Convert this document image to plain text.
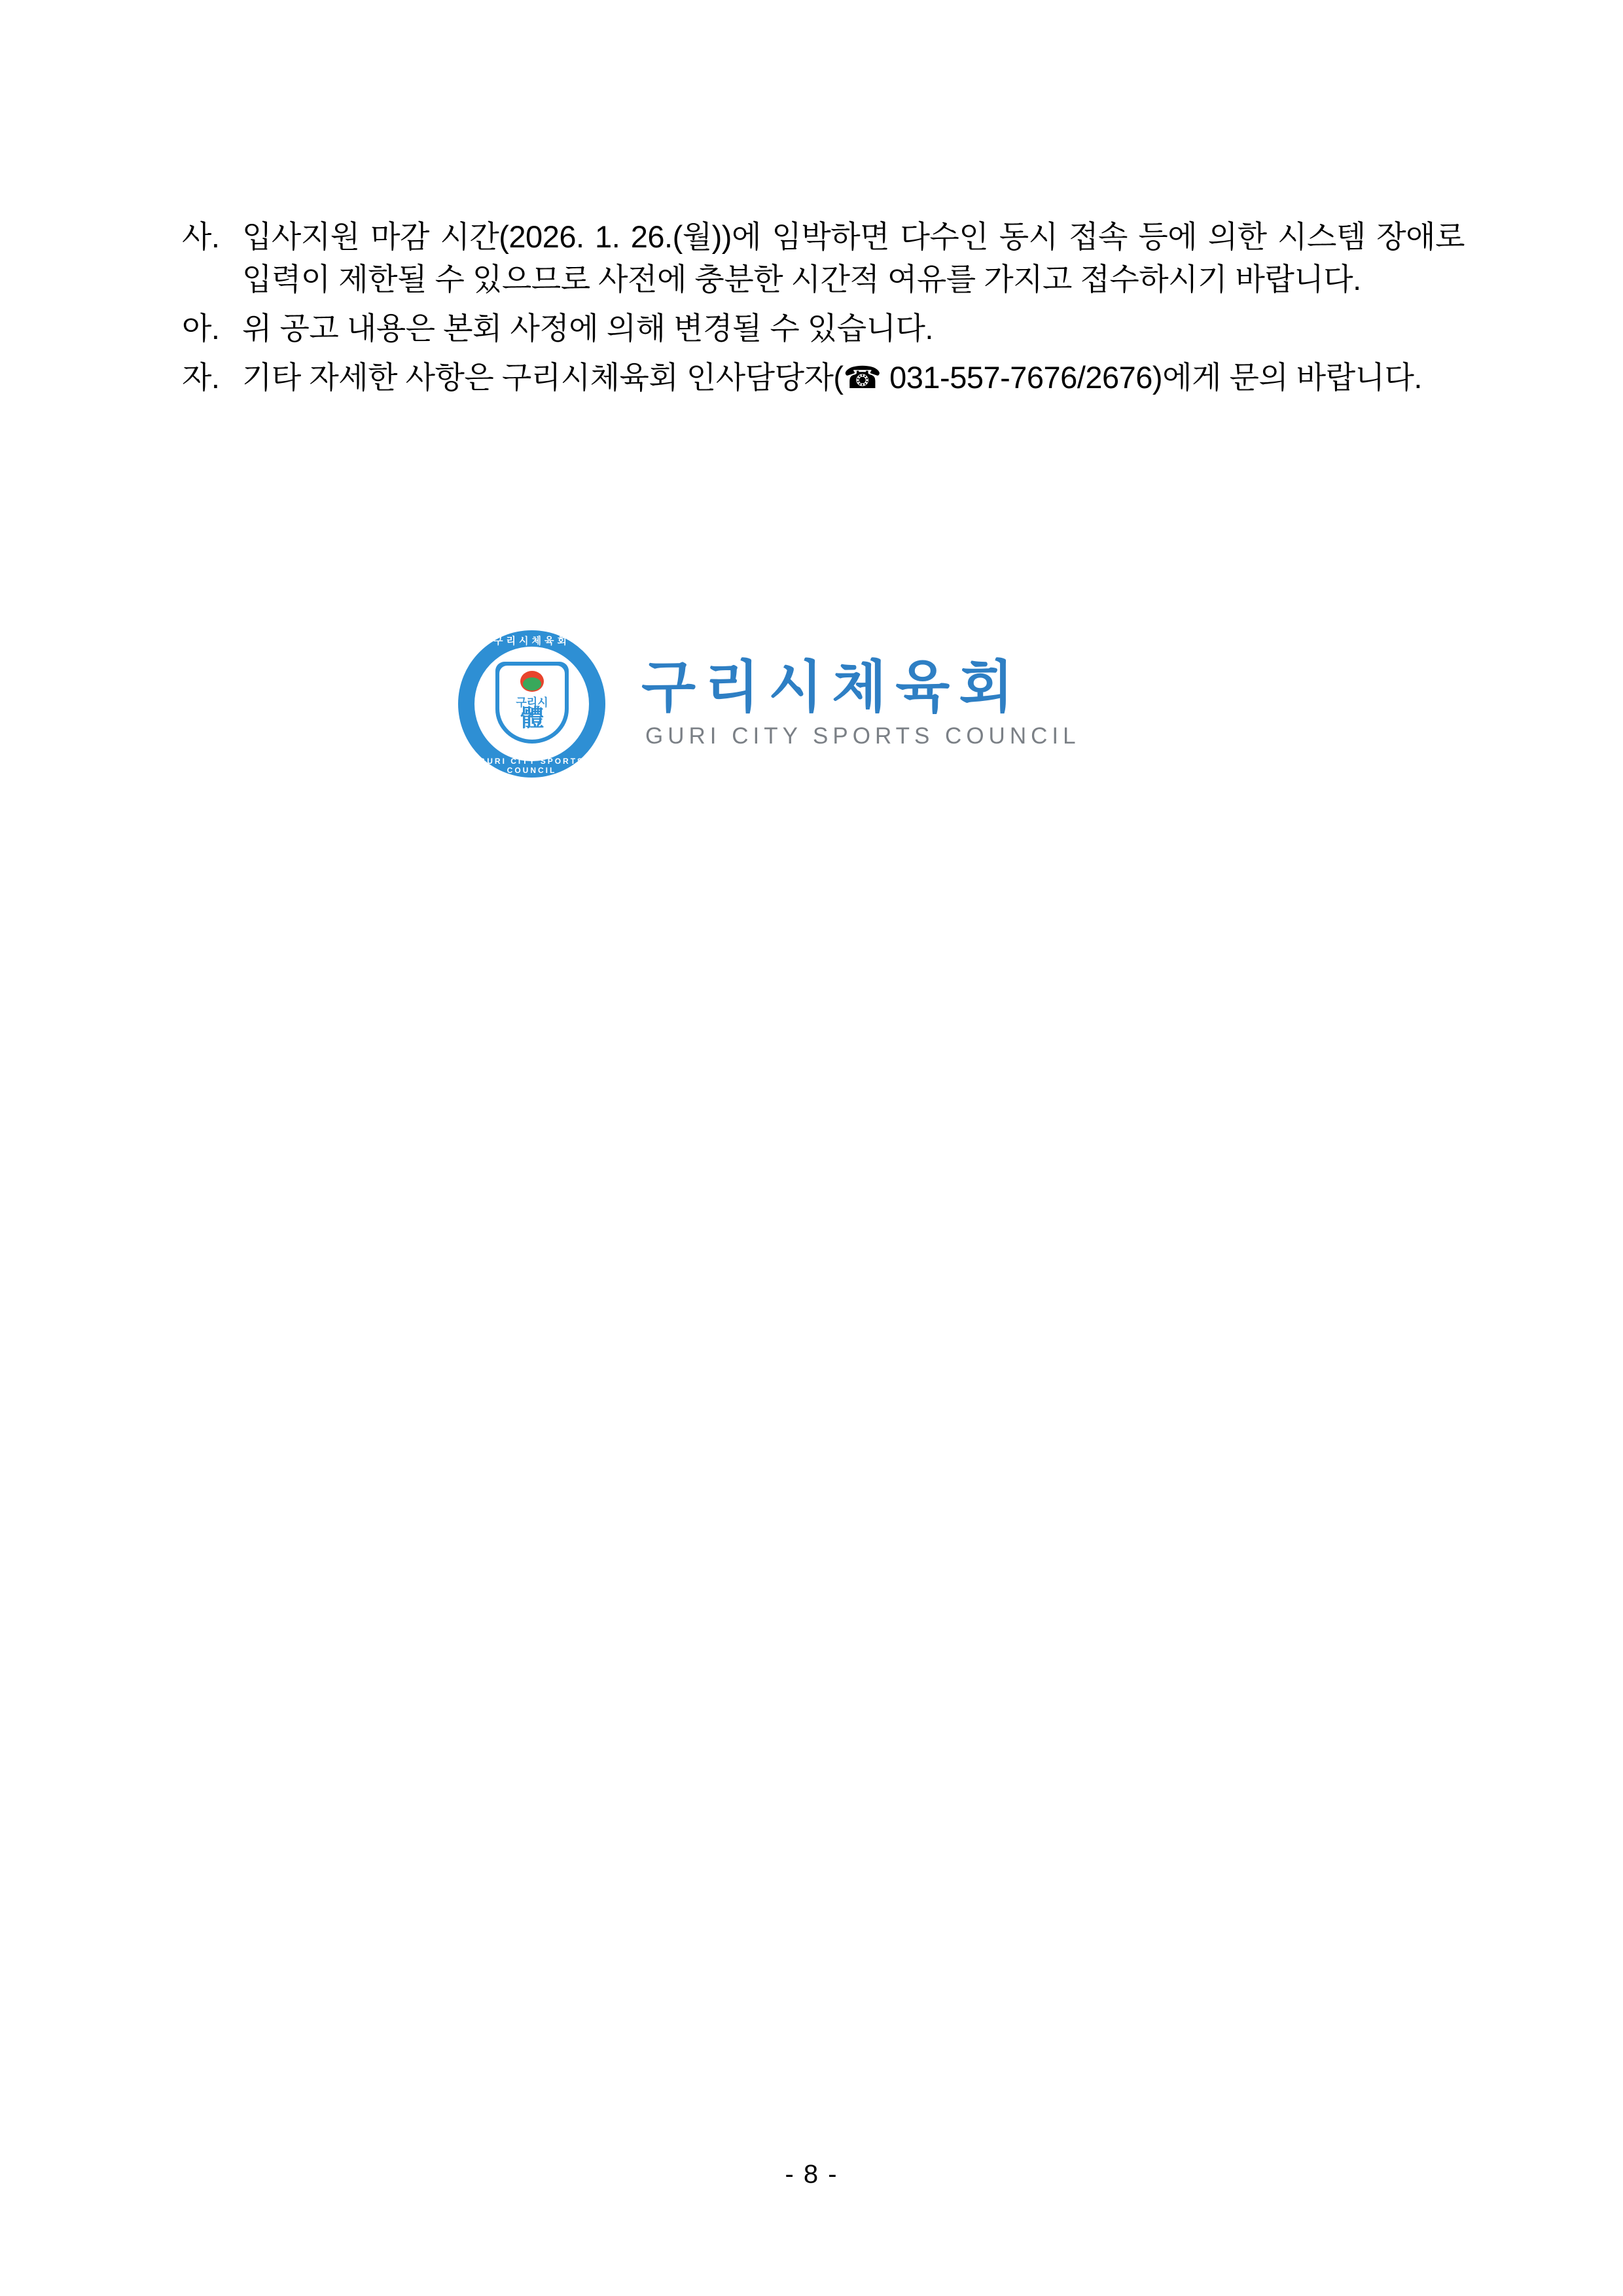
사. 입사지원 마감 시간(2026. 1. 26.(월))에 임박하면 다수인 동시 접속 등에 의한 시스템 장애로 입력이 제한될 수 있으므로 사전에 충분한 시간적 여유를 가지고 접수하시기 바랍니다.
아. 위 공고 내용은 본회 사정에 의해 변경될 수 있습니다.
자. 기타 자세한 사항은 구리시체육회 인사담당자(☎ 031-557-7676/2676)에게 문의 바랍니다.
구리시체육회
GURI CITY SPORTS COUNCIL
구리시
體	구리시체육회
GURI CITY SPORTS COUNCIL
- 8 -
